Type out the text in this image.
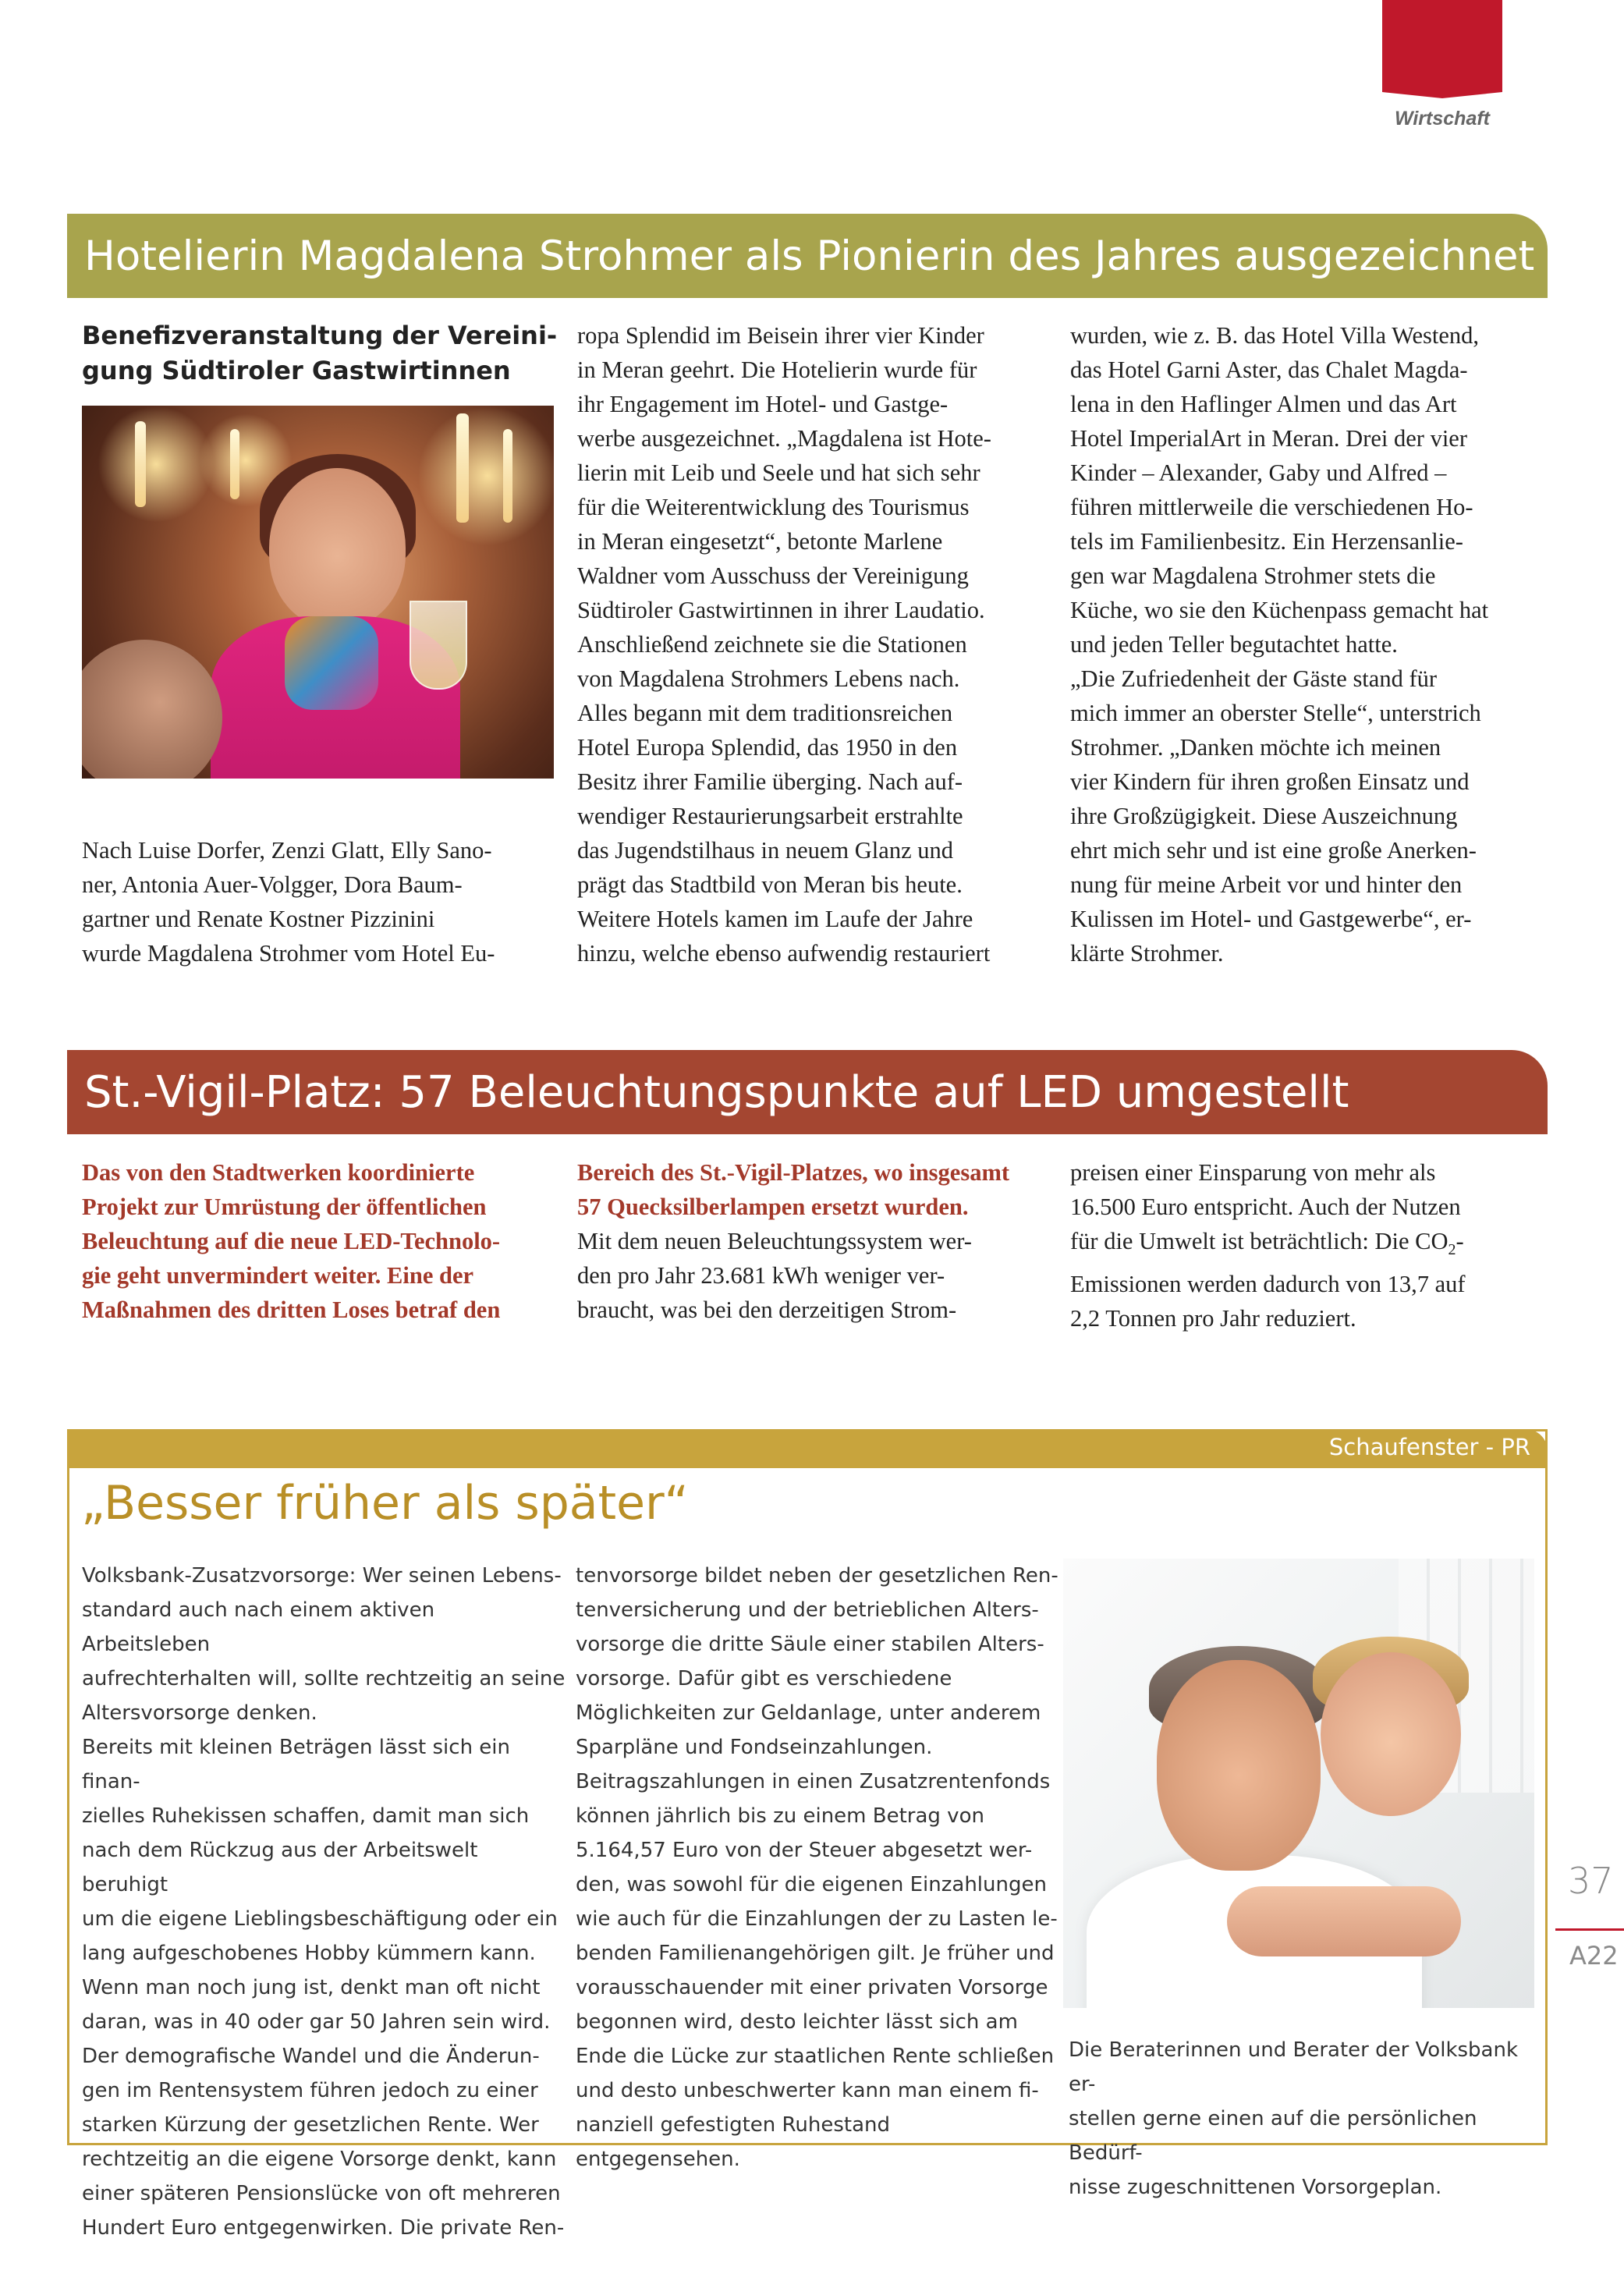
Wirtschaft
Hotelierin Magdalena Strohmer als Pionierin des Jahres ausgezeichnet
Benefizveranstaltung der Vereini-
gung Südtiroler Gastwirtinnen
Nach Luise Dorfer, Zenzi Glatt, Elly Sano-
ner, Antonia Auer-Volgger, Dora Baum-
gartner und Renate Kostner Pizzinini
wurde Magdalena Strohmer vom Hotel Eu-
ropa Splendid im Beisein ihrer vier Kinder
in Meran geehrt. Die Hotelierin wurde für
ihr Engagement im Hotel- und Gastge-
werbe ausgezeichnet. „Magdalena ist Hote-
lierin mit Leib und Seele und hat sich sehr
für die Weiterentwicklung des Tourismus
in Meran eingesetzt“, betonte Marlene
Waldner vom Ausschuss der Vereinigung
Südtiroler Gastwirtinnen in ihrer Laudatio.
Anschließend zeichnete sie die Stationen
von Magdalena Strohmers Lebens nach.
Alles begann mit dem traditionsreichen
Hotel Europa Splendid, das 1950 in den
Besitz ihrer Familie überging. Nach auf-
wendiger Restaurierungsarbeit erstrahlte
das Jugendstilhaus in neuem Glanz und
prägt das Stadtbild von Meran bis heute.
Weitere Hotels kamen im Laufe der Jahre
hinzu, welche ebenso aufwendig restauriert
wurden, wie z. B. das Hotel Villa Westend,
das Hotel Garni Aster, das Chalet Magda-
lena in den Haflinger Almen und das Art
Hotel ImperialArt in Meran. Drei der vier
Kinder – Alexander, Gaby und Alfred –
führen mittlerweile die verschiedenen Ho-
tels im Familienbesitz. Ein Herzensanlie-
gen war Magdalena Strohmer stets die
Küche, wo sie den Küchenpass gemacht hat
und jeden Teller begutachtet hatte.
„Die Zufriedenheit der Gäste stand für
mich immer an oberster Stelle“, unterstrich
Strohmer. „Danken möchte ich meinen
vier Kindern für ihren großen Einsatz und
ihre Großzügigkeit. Diese Auszeichnung
ehrt mich sehr und ist eine große Anerken-
nung für meine Arbeit vor und hinter den
Kulissen im Hotel- und Gastgewerbe“, er-
klärte Strohmer.
St.-Vigil-Platz: 57 Beleuchtungspunkte auf LED umgestellt
Das von den Stadtwerken koordinierte
Projekt zur Umrüstung der öffentlichen
Beleuchtung auf die neue LED-Technolo-
gie geht unvermindert weiter. Eine der
Maßnahmen des dritten Loses betraf den
Bereich des St.-Vigil-Platzes, wo insgesamt
57 Quecksilberlampen ersetzt wurden.
Mit dem neuen Beleuchtungssystem wer-
den pro Jahr 23.681 kWh weniger ver-
braucht, was bei den derzeitigen Strom-
preisen einer Einsparung von mehr als
16.500 Euro entspricht. Auch der Nutzen
für die Umwelt ist beträchtlich: Die $CO_2-$
Emissionen werden dadurch von 13,7 auf
2,2 Tonnen pro Jahr reduziert.
Schaufenster - PR
„Besser früher als später“
Volksbank-Zusatzvorsorge: Wer seinen Lebens-
standard auch nach einem aktiven Arbeitsleben
aufrechterhalten will, sollte rechtzeitig an seine
Altersvorsorge denken.
Bereits mit kleinen Beträgen lässt sich ein finan-
zielles Ruhekissen schaffen, damit man sich
nach dem Rückzug aus der Arbeitswelt beruhigt
um die eigene Lieblingsbeschäftigung oder ein
lang aufgeschobenes Hobby kümmern kann.
Wenn man noch jung ist, denkt man oft nicht
daran, was in 40 oder gar 50 Jahren sein wird.
Der demografische Wandel und die Änderun-
gen im Rentensystem führen jedoch zu einer
starken Kürzung der gesetzlichen Rente. Wer
rechtzeitig an die eigene Vorsorge denkt, kann
einer späteren Pensionslücke von oft mehreren
Hundert Euro entgegenwirken. Die private Ren-
tenvorsorge bildet neben der gesetzlichen Ren-
tenversicherung und der betrieblichen Alters-
vorsorge die dritte Säule einer stabilen Alters-
vorsorge. Dafür gibt es verschiedene
Möglichkeiten zur Geldanlage, unter anderem
Sparpläne und Fondseinzahlungen.
Beitragszahlungen in einen Zusatzrentenfonds
können jährlich bis zu einem Betrag von
5.164,57 Euro von der Steuer abgesetzt wer-
den, was sowohl für die eigenen Einzahlungen
wie auch für die Einzahlungen der zu Lasten le-
benden Familienangehörigen gilt. Je früher und
vorausschauender mit einer privaten Vorsorge
begonnen wird, desto leichter lässt sich am
Ende die Lücke zur staatlichen Rente schließen
und desto unbeschwerter kann man einem fi-
nanziell gefestigten Ruhestand entgegensehen.
Die Beraterinnen und Berater der Volksbank er-
stellen gerne einen auf die persönlichen Bedürf-
nisse zugeschnittenen Vorsorgeplan.
37
A22
